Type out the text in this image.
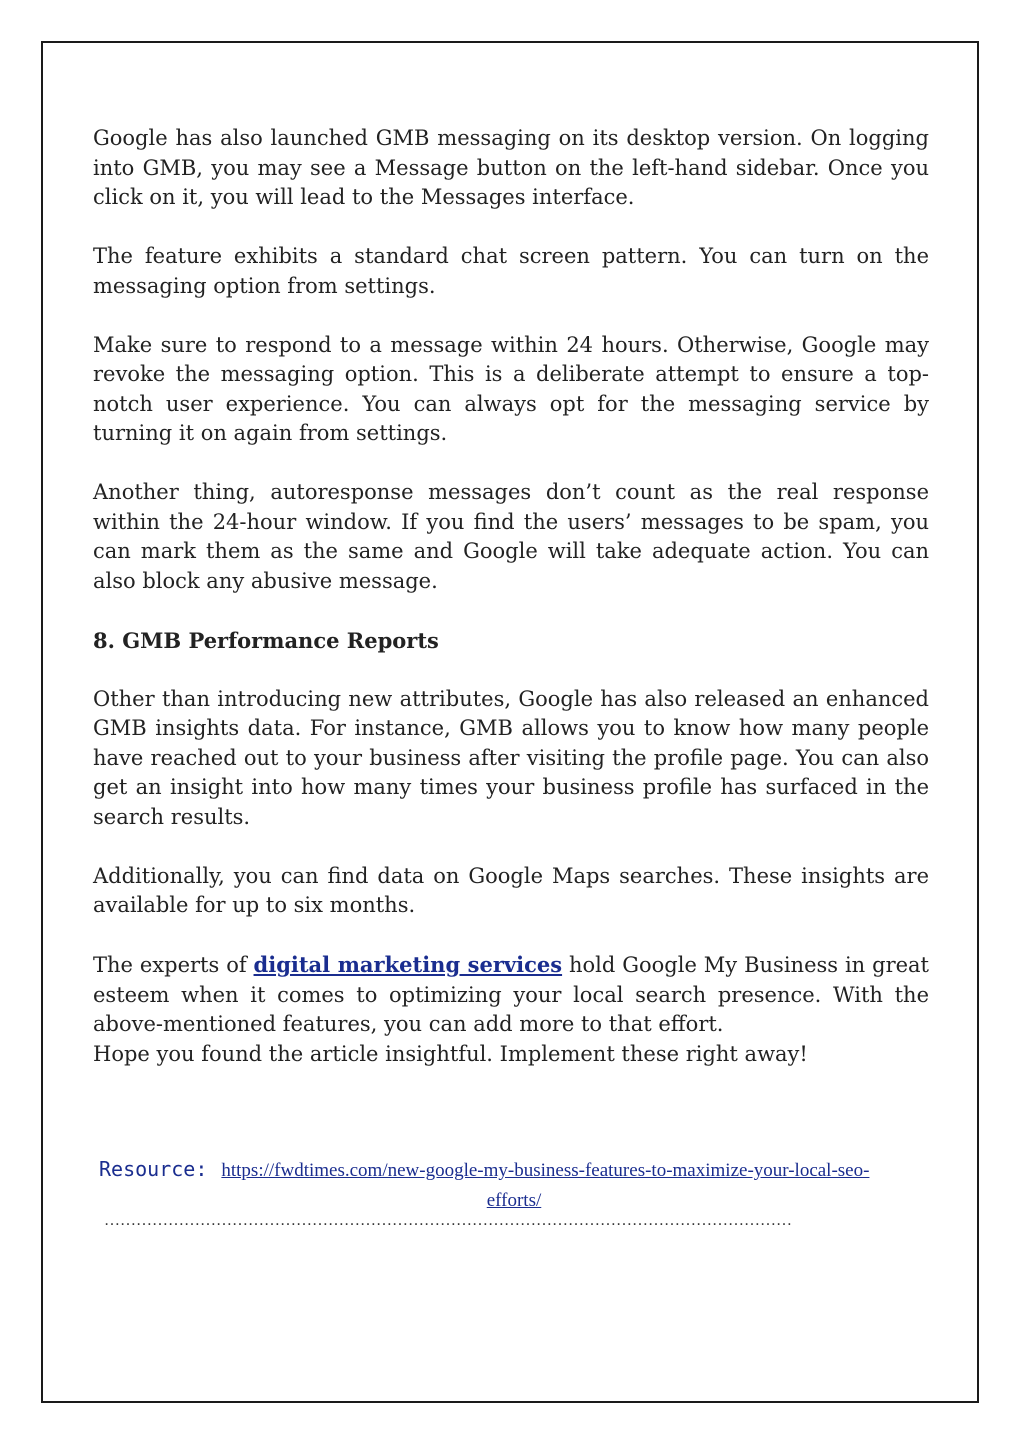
Google has also launched GMB messaging on its desktop version. On logging into GMB, you may see a Message button on the left-hand sidebar. Once you click on it, you will lead to the Messages interface.

The feature exhibits a standard chat screen pattern. You can turn on the messaging option from settings.

Make sure to respond to a message within 24 hours. Otherwise, Google may revoke the messaging option. This is a deliberate attempt to ensure a top-notch user experience. You can always opt for the messaging service by turning it on again from settings.

Another thing, autoresponse messages don’t count as the real response within the 24-hour window. If you find the users’ messages to be spam, you can mark them as the same and Google will take adequate action. You can also block any abusive message.

8. GMB Performance Reports

Other than introducing new attributes, Google has also released an enhanced GMB insights data. For instance, GMB allows you to know how many people have reached out to your business after visiting the profile page. You can also get an insight into how many times your business profile has surfaced in the search results.

Additionally, you can find data on Google Maps searches. These insights are available for up to six months.

The experts of digital marketing services hold Google My Business in great esteem when it comes to optimizing your local search presence. With the above-mentioned features, you can add more to that effort.

Hope you found the article insightful. Implement these right away!

Resource: https://fwdtimes.com/new-google-my-business-features-to-maximize-your-local-seo-
efforts/
…………………………………………………………………………………………………………………
